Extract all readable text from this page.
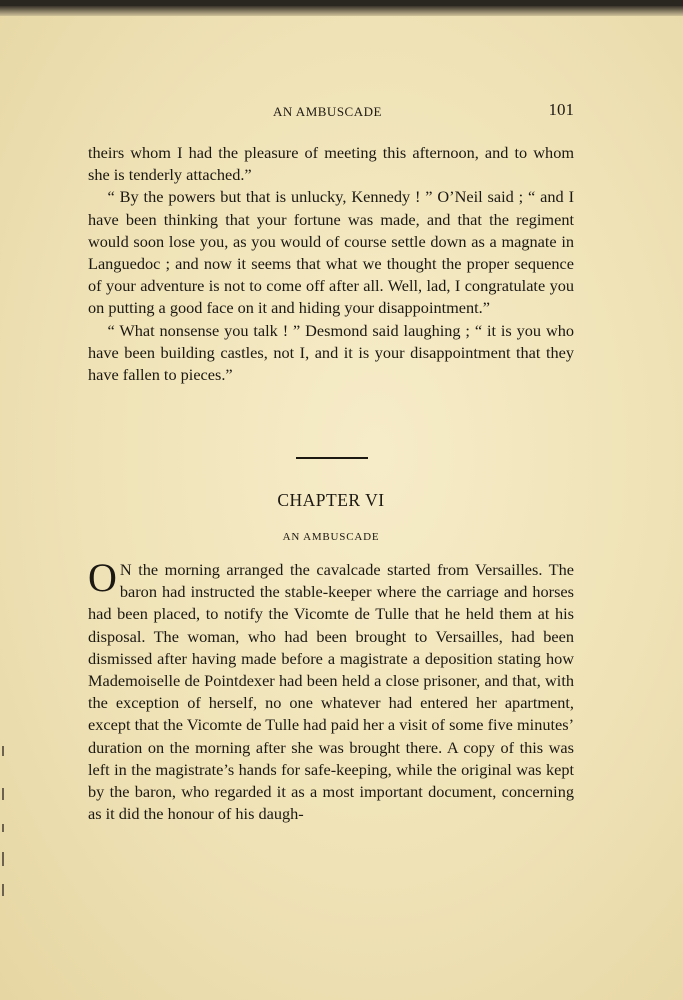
AN AMBUSCADE	101

theirs whom I had the pleasure of meeting this afternoon, and to whom she is tenderly attached.”

“ By the powers but that is unlucky, Kennedy ! ” O’Neil said ; “ and I have been thinking that your fortune was made, and that the regiment would soon lose you, as you would of course settle down as a magnate in Languedoc ; and now it seems that what we thought the proper sequence of your adventure is not to come off after all. Well, lad, I congratulate you on putting a good face on it and hiding your disappointment.”

“ What nonsense you talk ! ” Desmond said laughing ; “ it is you who have been building castles, not I, and it is your disappointment that they have fallen to pieces.”

CHAPTER VI
AN AMBUSCADE

O N the morning arranged the cavalcade started from Versailles. The baron had instructed the stable-keeper where the carriage and horses had been placed, to notify the Vicomte de Tulle that he held them at his disposal. The woman, who had been brought to Versailles, had been dismissed after having made before a magistrate a deposition stating how Mademoiselle de Pointdexer had been held a close prisoner, and that, with the exception of herself, no one whatever had entered her apartment, except that the Vicomte de Tulle had paid her a visit of some five minutes’ duration on the morning after she was brought there. A copy of this was left in the magistrate’s hands for safe-keeping, while the original was kept by the baron, who regarded it as a most important document, concerning as it did the honour of his daugh-
